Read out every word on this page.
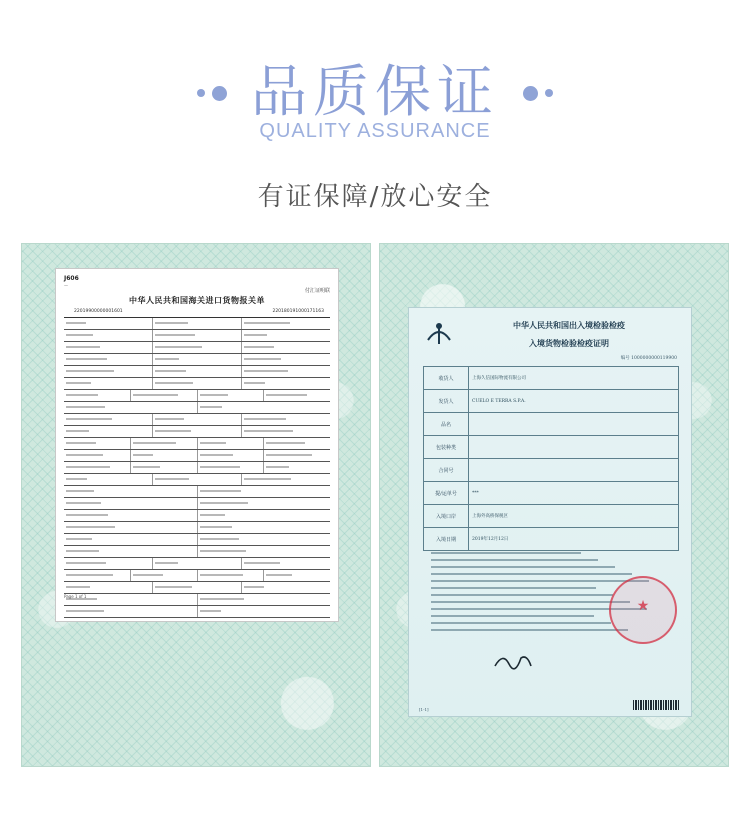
品质保证
QUALITY ASSURANCE
有证保障/放心安全
J606
—
付汇证明联
中华人民共和国海关进口货物报关单
22019900000001601	220180191000171163
Page 1 of 1
中华人民共和国出入境检验检疫
入境货物检验检疫证明
编号 1000000000119900
收货人	上海久信国际物流有限公司
发货人	CUELO E TERRA S.P.A.
品名
包装种类
合同号
提/运单号	***
入境口岸	上海外高桥保税区
入境日期	2019年12月12日
★
[1-1]
